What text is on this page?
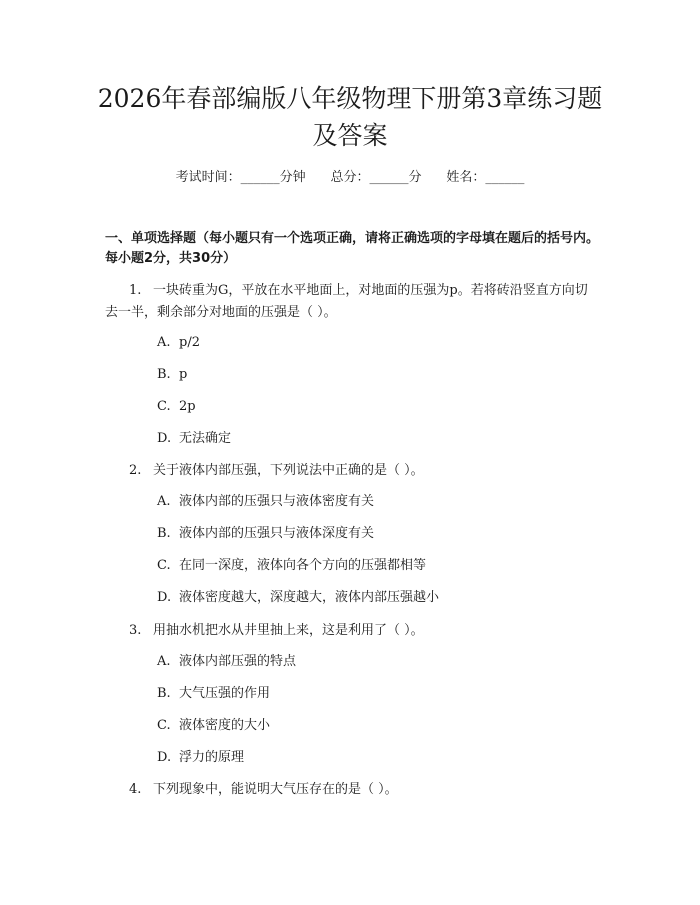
2026年春部编版八年级物理下册第3章练习题及答案
考试时间：______分钟 总分：______分 姓名：______
一、单项选择题（每小题只有一个选项正确，请将正确选项的字母填在题后的括号内。每小题2分，共30分）

1. 一块砖重为G，平放在水平地面上，对地面的压强为p。若将砖沿竖直方向切去一半，剩余部分对地面的压强是（ ）。

A. p/2
B. p
C. 2p
D. 无法确定

2. 关于液体内部压强，下列说法中正确的是（ ）。

A. 液体内部的压强只与液体密度有关
B. 液体内部的压强只与液体深度有关
C. 在同一深度，液体向各个方向的压强都相等
D. 液体密度越大，深度越大，液体内部压强越小

3. 用抽水机把水从井里抽上来，这是利用了（ ）。

A. 液体内部压强的特点
B. 大气压强的作用
C. 液体密度的大小
D. 浮力的原理

4. 下列现象中，能说明大气压存在的是（ ）。
